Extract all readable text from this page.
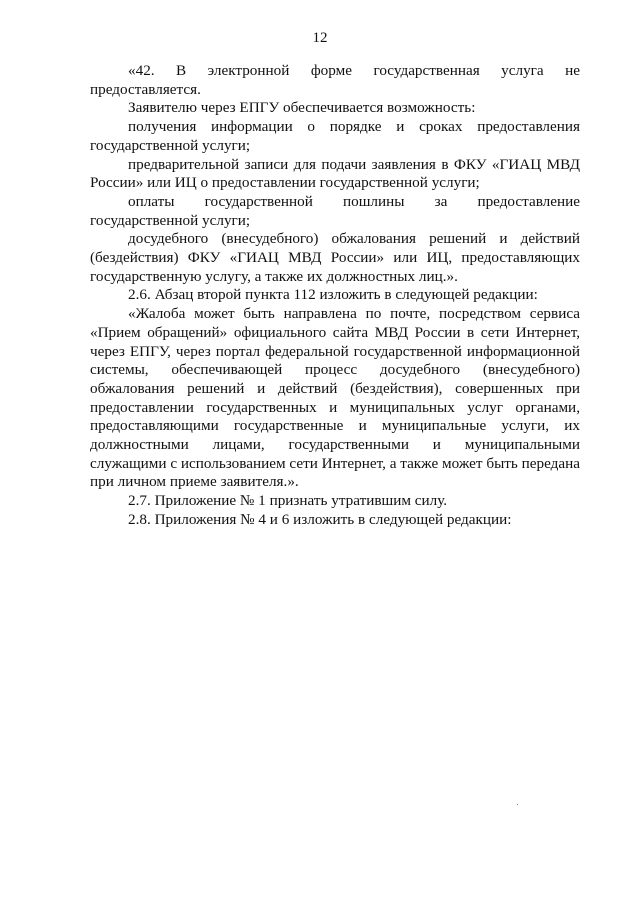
12

«42. В электронной форме государственная услуга не предоставляется.

Заявителю через ЕПГУ обеспечивается возможность:

получения информации о порядке и сроках предоставления государственной услуги;

предварительной записи для подачи заявления в ФКУ «ГИАЦ МВД России» или ИЦ о предоставлении государственной услуги;

оплаты государственной пошлины за предоставление государственной услуги;

досудебного (внесудебного) обжалования решений и действий (бездействия) ФКУ «ГИАЦ МВД России» или ИЦ, предоставляющих государственную услугу, а также их должностных лиц.».

2.6. Абзац второй пункта 112 изложить в следующей редакции:

«Жалоба может быть направлена по почте, посредством сервиса «Прием обращений» официального сайта МВД России в сети Интернет, через ЕПГУ, через портал федеральной государственной информационной системы, обеспечивающей процесс досудебного (внесудебного) обжалования решений и действий (бездействия), совершенных при предоставлении государственных и муниципальных услуг органами, предоставляющими государственные и муниципальные услуги, их должностными лицами, государственными и муниципальными служащими с использованием сети Интернет, а также может быть передана при личном приеме заявителя.».

2.7. Приложение № 1 признать утратившим силу.

2.8. Приложения № 4 и 6 изложить в следующей редакции:
